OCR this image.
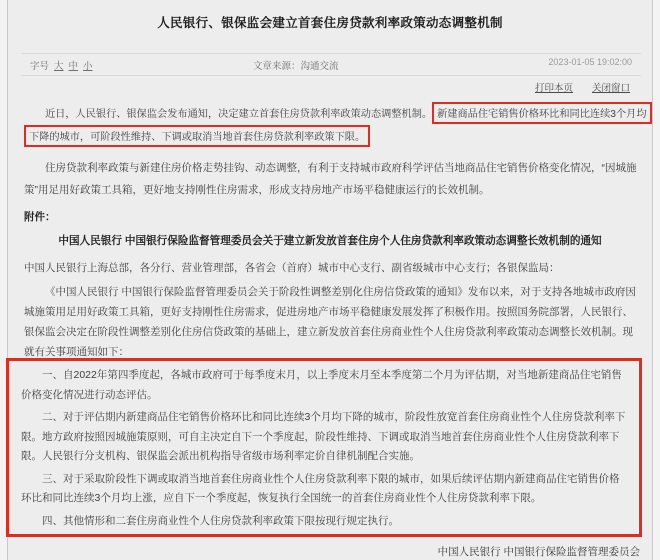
人民银行、银保监会建立首套住房贷款利率政策动态调整机制
字号 大 中 小	文章来源：沟通交流	2023-01-05 19:02:00
打印本页 关闭窗口
近日，人民银行、银保监会发布通知，决定建立首套住房贷款利率政策动态调整机制。 新建商品住宅销售价格环比和同比连续3个月均
下降的城市，可阶段性维持、下调或取消当地首套住房贷款利率政策下限。
住房贷款利率政策与新建住房价格走势挂钩、动态调整，有利于支持城市政府科学评估当地商品住宅销售价格变化情况，“因城施策”用足用好政策工具箱，更好地支持刚性住房需求，形成支持房地产市场平稳健康运行的长效机制。
附件：
中国人民银行 中国银行保险监督管理委员会关于建立新发放首套住房个人住房贷款利率政策动态调整长效机制的通知
中国人民银行上海总部，各分行、营业管理部，各省会（首府）城市中心支行、副省级城市中心支行；各银保监局：
《中国人民银行 中国银行保险监督管理委员会关于阶段性调整差别化住房信贷政策的通知》发布以来，对于支持各地城市政府因城施策用足用好政策工具箱，更好支持刚性住房需求，促进房地产市场平稳健康发展发挥了积极作用。按照国务院部署，人民银行、银保监会决定在阶段性调整差别化住房信贷政策的基础上，建立新发放首套住房商业性个人住房贷款利率政策动态调整长效机制。现就有关事项通知如下：
一、自2022年第四季度起，各城市政府可于每季度末月，以上季度末月至本季度第二个月为评估期，对当地新建商品住宅销售价格变化情况进行动态评估。
二、对于评估期内新建商品住宅销售价格环比和同比连续3个月均下降的城市，阶段性放宽首套住房商业性个人住房贷款利率下限。地方政府按照因城施策原则，可自主决定自下一个季度起，阶段性维持、下调或取消当地首套住房商业性个人住房贷款利率下限。人民银行分支机构、银保监会派出机构指导省级市场利率定价自律机制配合实施。
三、对于采取阶段性下调或取消当地首套住房商业性个人住房贷款利率下限的城市，如果后续评估期内新建商品住宅销售价格环比和同比连续3个月均上涨，应自下一个季度起，恢复执行全国统一的首套住房商业性个人住房贷款利率下限。
四、其他情形和二套住房商业性个人住房贷款利率政策下限按现行规定执行。
中国人民银行 中国银行保险监督管理委员会
